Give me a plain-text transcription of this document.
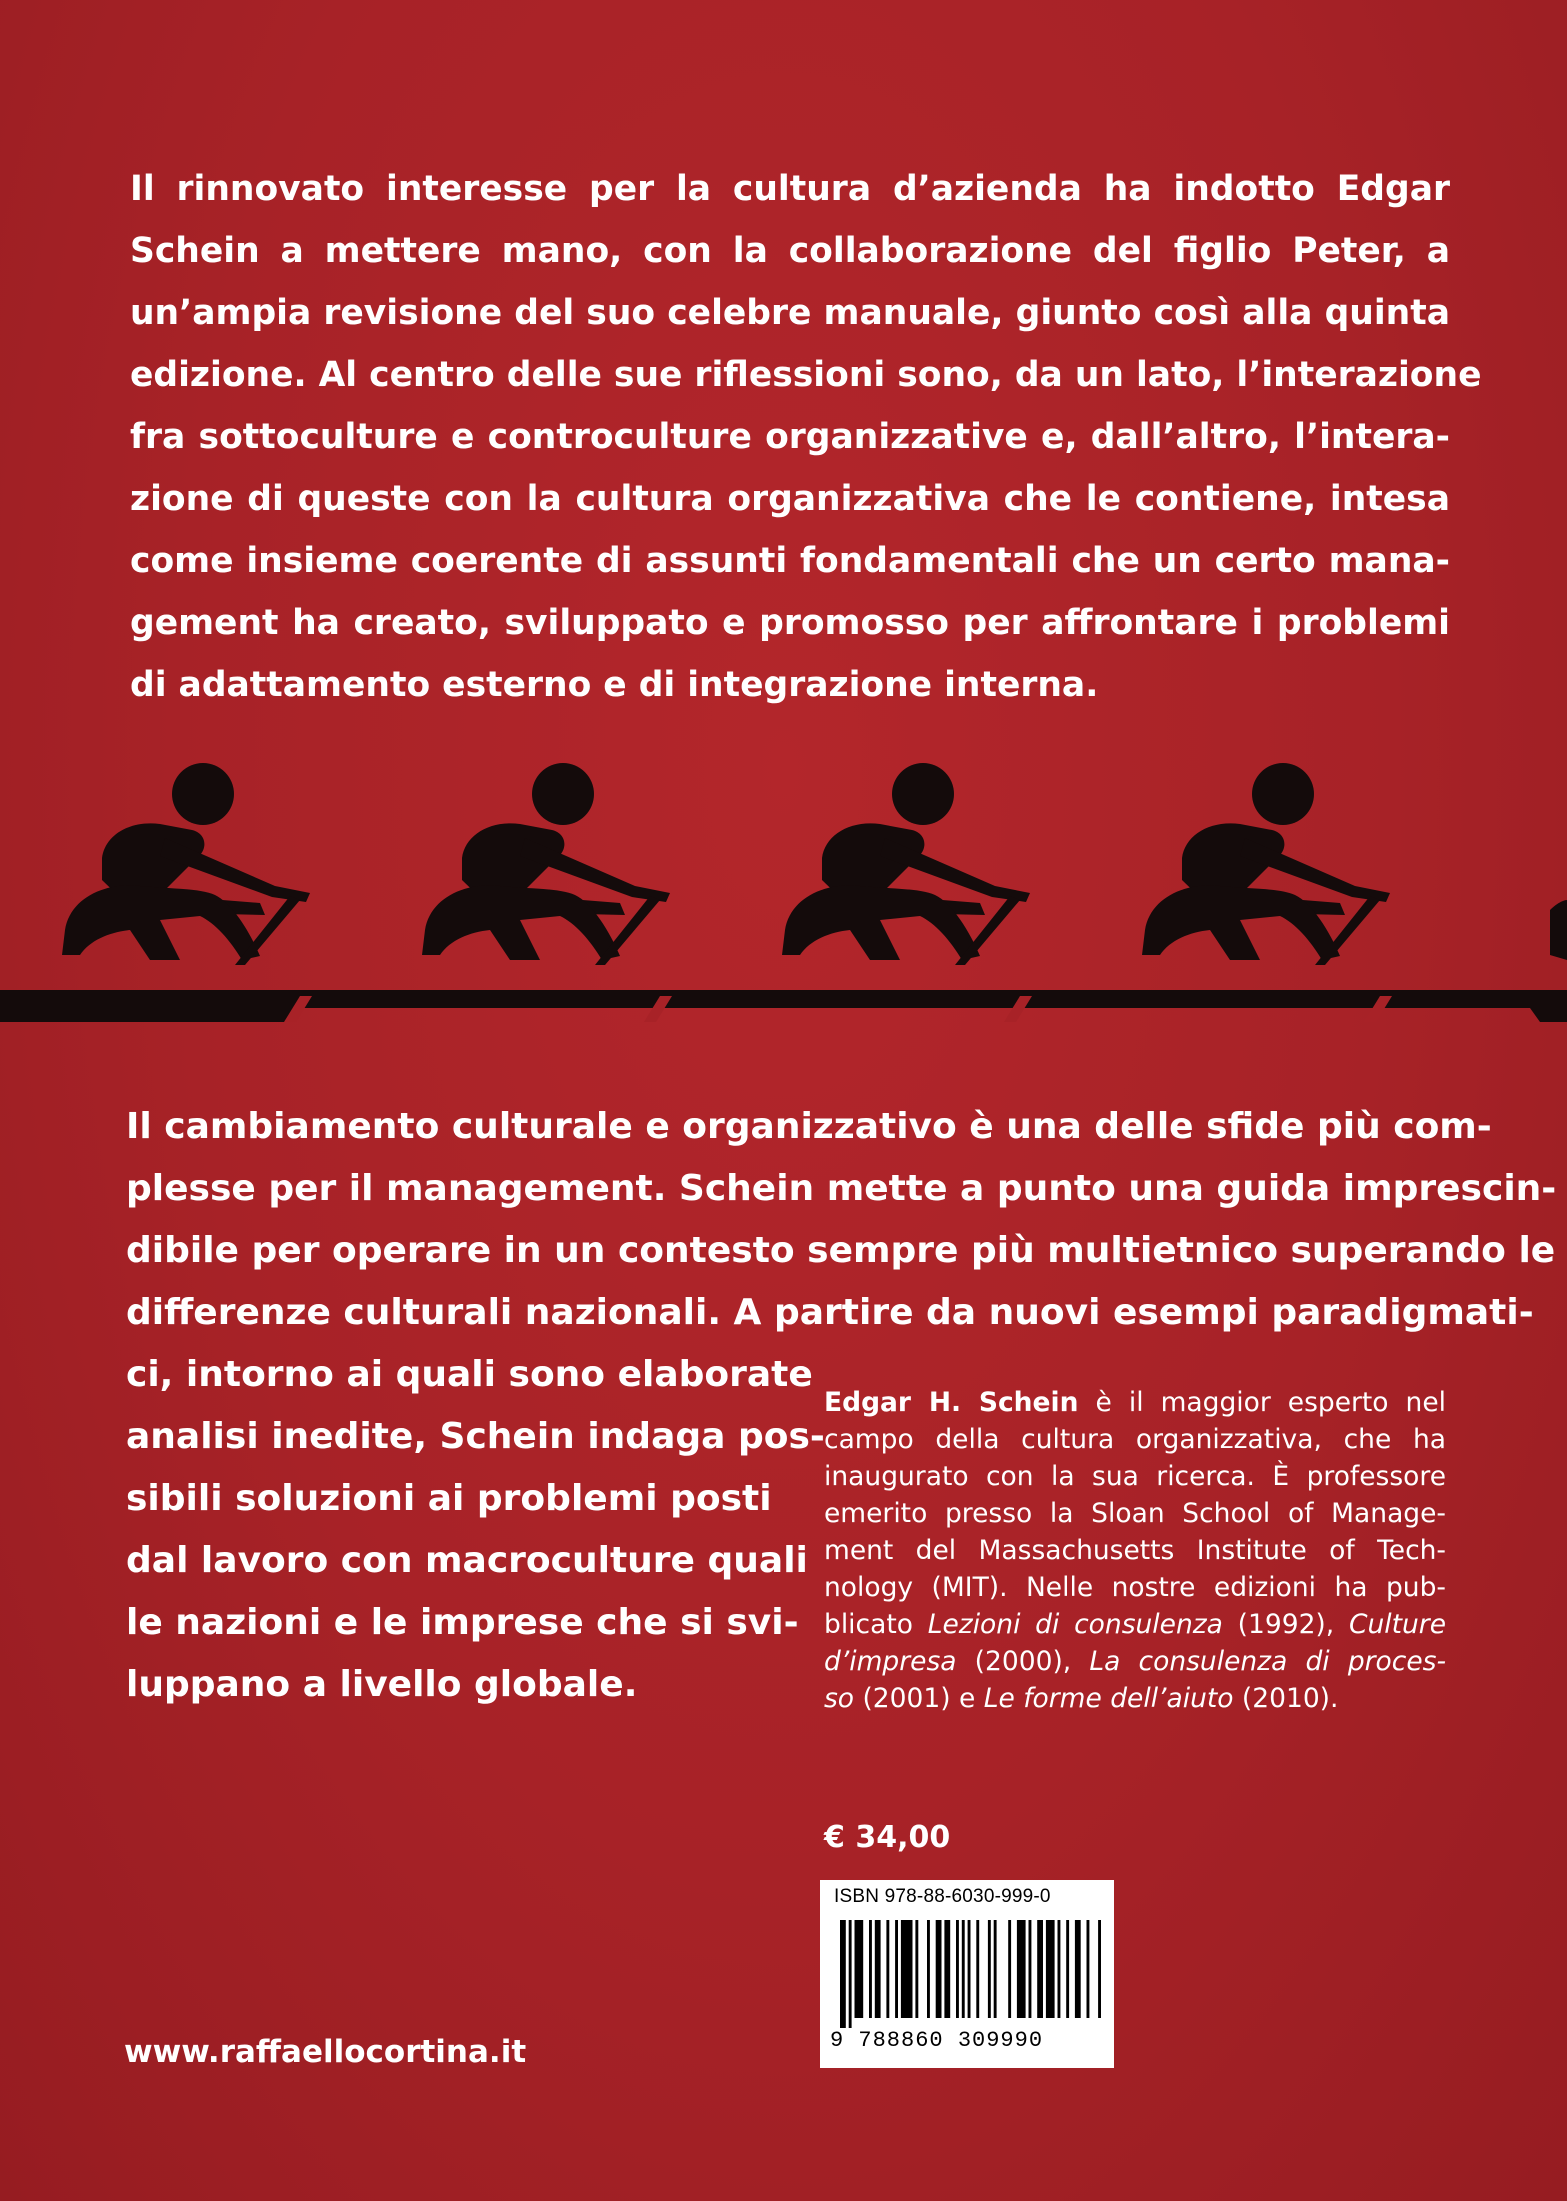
Il rinnovato interesse per la cultura d’azienda ha indotto Edgar
Schein a mettere mano, con la collaborazione del figlio Peter, a
un’ampia revisione del suo celebre manuale, giunto così alla quinta
edizione. Al centro delle sue riflessioni sono, da un lato, l’interazione
fra sottoculture e controculture organizzative e, dall’altro, l’intera-
zione di queste con la cultura organizzativa che le contiene, intesa
come insieme coerente di assunti fondamentali che un certo mana-
gement ha creato, sviluppato e promosso per affrontare i problemi
di adattamento esterno e di integrazione interna.
Il cambiamento culturale e organizzativo è una delle sfide più com-
plesse per il management. Schein mette a punto una guida imprescin-
dibile per operare in un contesto sempre più multietnico superando le
differenze culturali nazionali. A partire da nuovi esempi paradigmati-
ci, intorno ai quali sono elaborate
analisi inedite, Schein indaga pos-
sibili soluzioni ai problemi posti
dal lavoro con macroculture quali
le nazioni e le imprese che si svi-
luppano a livello globale.
Edgar H. Schein è il maggior esperto nel
campo della cultura organizzativa, che ha
inaugurato con la sua ricerca. È professore
emerito presso la Sloan School of Manage-
ment del Massachusetts Institute of Tech-
nology (MIT). Nelle nostre edizioni ha pub-
blicato Lezioni di consulenza (1992), Culture
d’impresa (2000), La consulenza di proces-
so (2001) e Le forme dell’aiuto (2010).
€ 34,00
ISBN 978-88-6030-999-0
9 788860 309990
www.raffaellocortina.it
